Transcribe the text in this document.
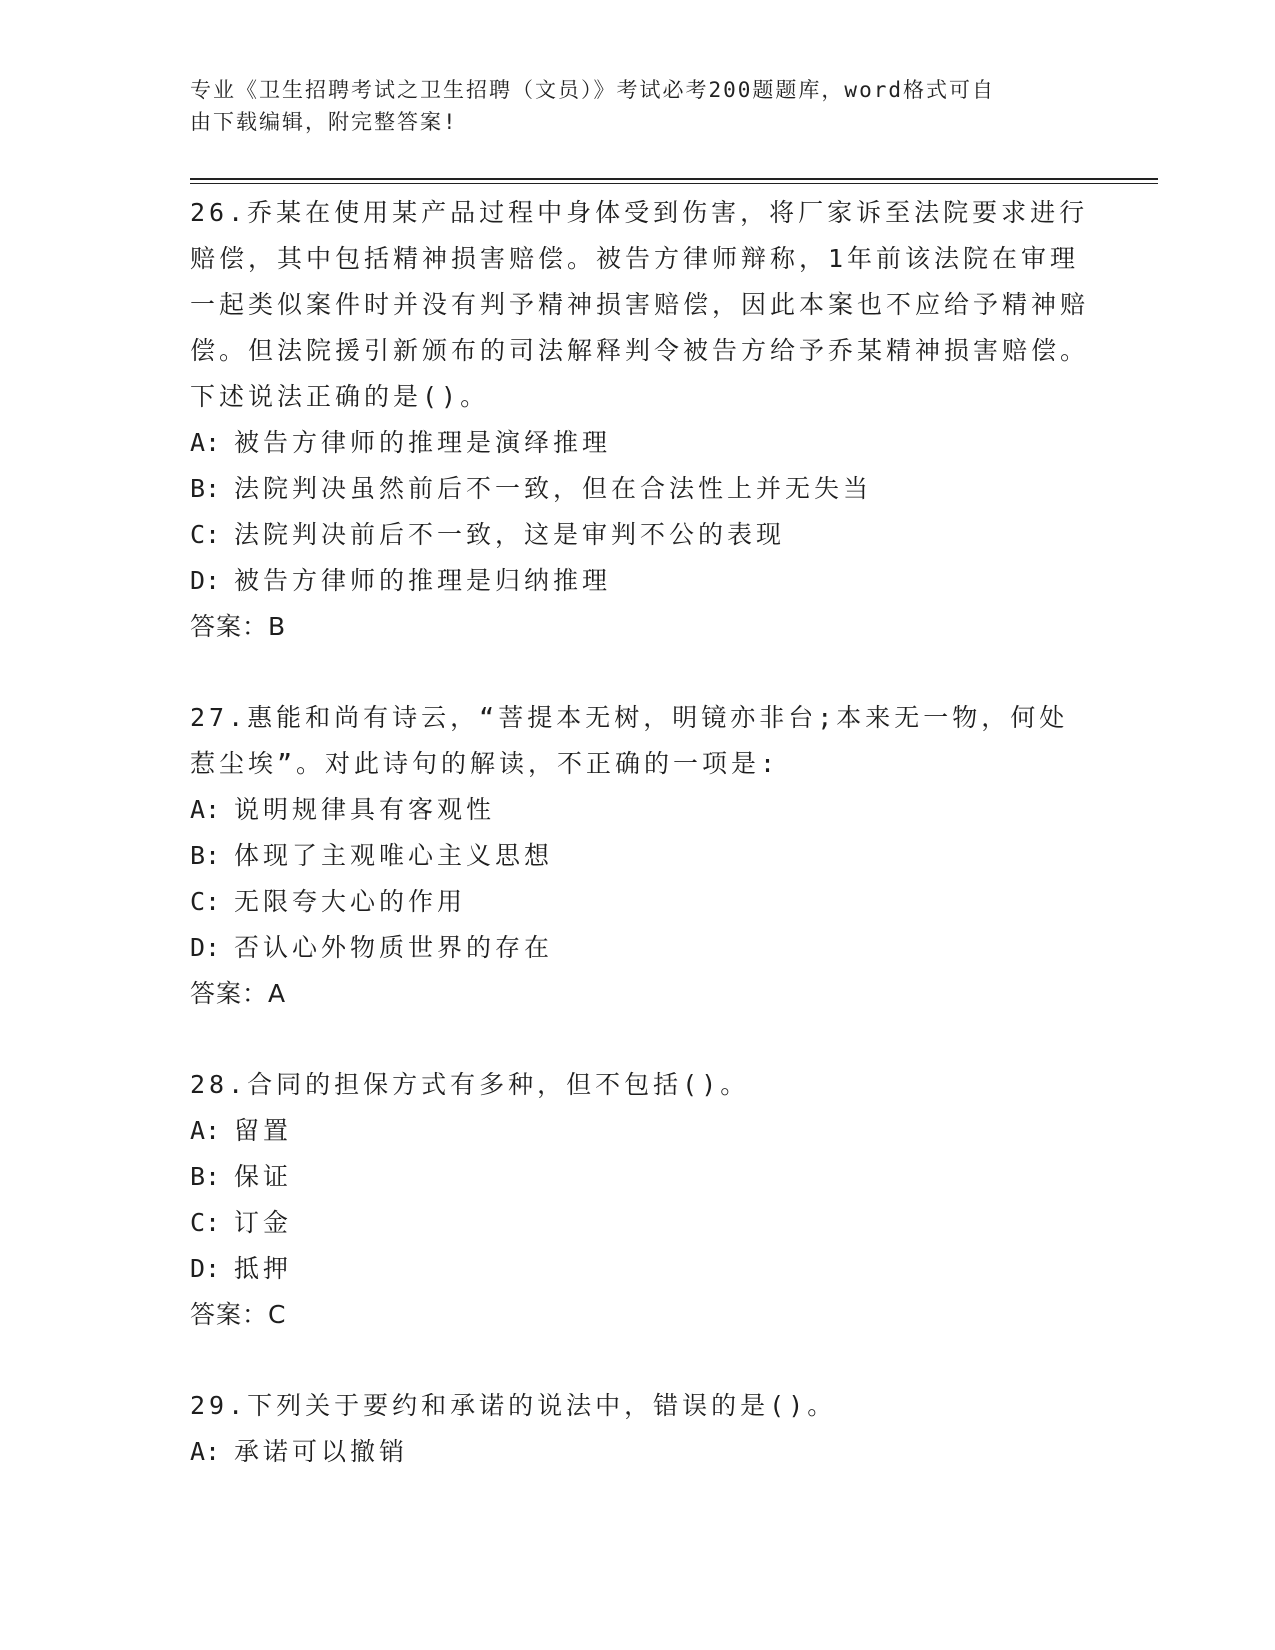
专业《卫生招聘考试之卫生招聘（文员）》考试必考200题题库，word格式可自
由下载编辑，附完整答案!
26.乔某在使用某产品过程中身体受到伤害，将厂家诉至法院要求进行赔偿，其中包括精神损害赔偿。被告方律师辩称，1年前该法院在审理一起类似案件时并没有判予精神损害赔偿，因此本案也不应给予精神赔偿。但法院援引新颁布的司法解释判令被告方给予乔某精神损害赔偿。下述说法正确的是()。
A: 被告方律师的推理是演绎推理
B: 法院判决虽然前后不一致，但在合法性上并无失当
C: 法院判决前后不一致，这是审判不公的表现
D: 被告方律师的推理是归纳推理
答案：B
27.惠能和尚有诗云，“菩提本无树，明镜亦非台;本来无一物，何处惹尘埃”。对此诗句的解读，不正确的一项是:
A: 说明规律具有客观性
B: 体现了主观唯心主义思想
C: 无限夸大心的作用
D: 否认心外物质世界的存在
答案：A
28.合同的担保方式有多种，但不包括()。
A: 留置
B: 保证
C: 订金
D: 抵押
答案：C
29.下列关于要约和承诺的说法中，错误的是()。
A: 承诺可以撤销
